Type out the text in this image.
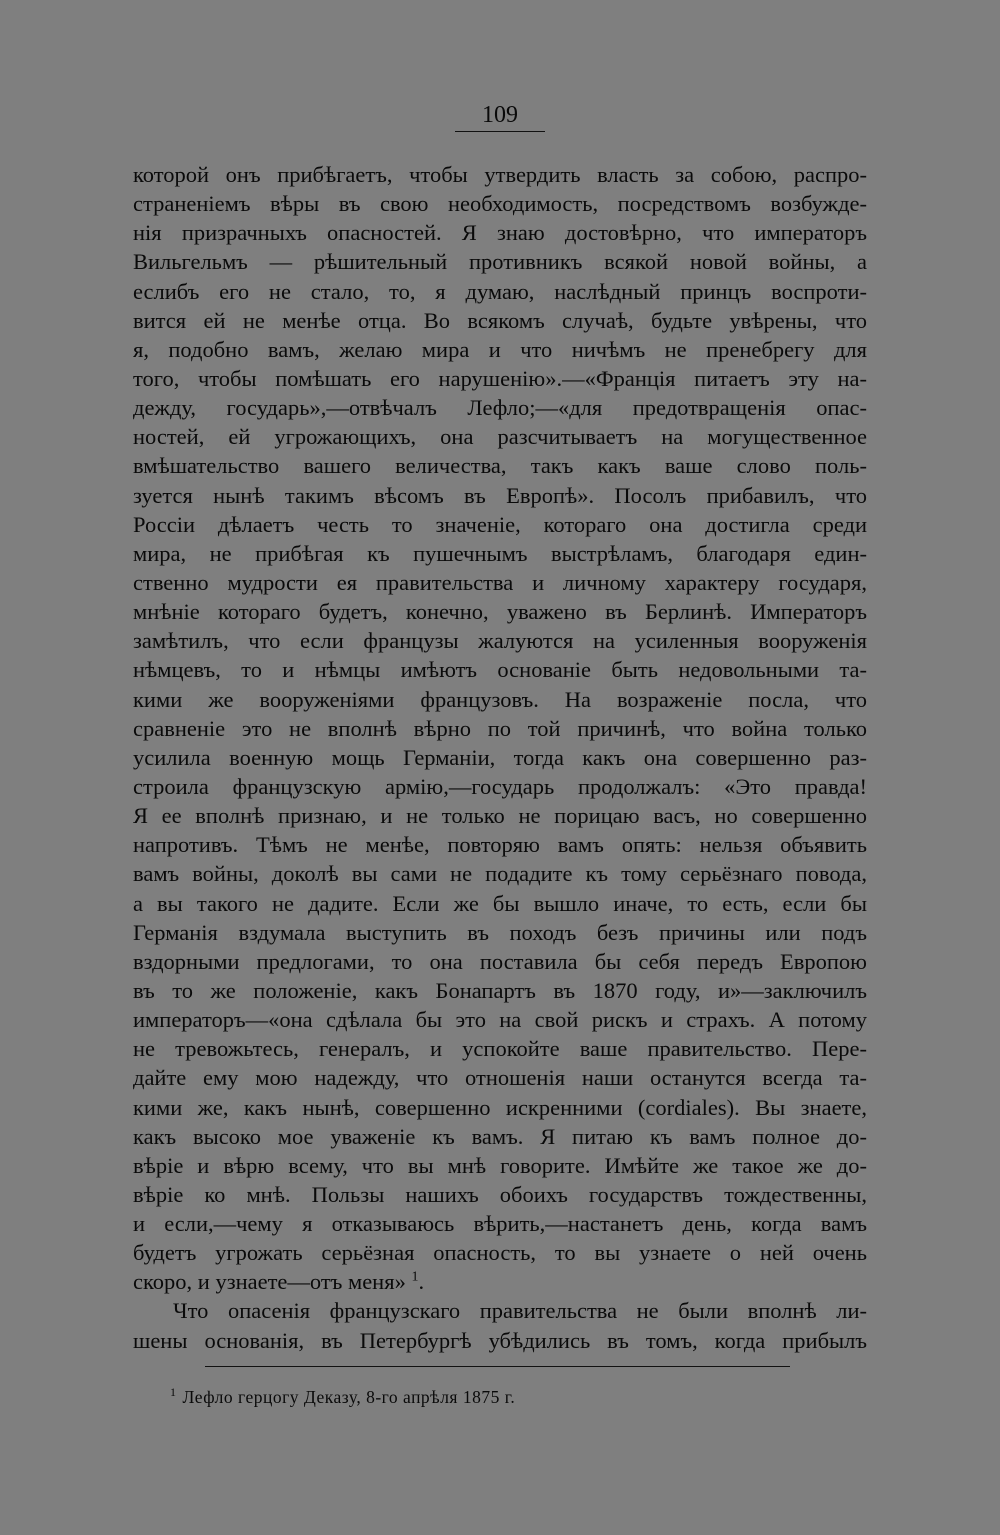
109
которой онъ прибѣгаетъ, чтобы утвердить власть за собою, распро-
страненіемъ вѣры въ свою необходимость, посредствомъ возбужде-
нія призрачныхъ опасностей. Я знаю достовѣрно, что императоръ
Вильгельмъ — рѣшительный противникъ всякой новой войны, а
еслибъ его не стало, то, я думаю, наслѣдный принцъ воспроти-
вится ей не менѣе отца. Во всякомъ случаѣ, будьте увѣрены, что
я, подобно вамъ, желаю мира и что ничѣмъ не пренебрегу для
того, чтобы помѣшать его нарушенію».—«Франція питаетъ эту на-
дежду, государь»,—отвѣчалъ Лефло;—«для предотвращенія опас-
ностей, ей угрожающихъ, она разсчитываетъ на могущественное
вмѣшательство вашего величества, такъ какъ ваше слово поль-
зуется нынѣ такимъ вѣсомъ въ Европѣ». Посолъ прибавилъ, что
Россіи дѣлаетъ честь то значеніе, котораго она достигла среди
мира, не прибѣгая къ пушечнымъ выстрѣламъ, благодаря един-
ственно мудрости ея правительства и личному характеру государя,
мнѣніе котораго будетъ, конечно, уважено въ Берлинѣ. Императоръ
замѣтилъ, что если французы жалуются на усиленныя вооруженія
нѣмцевъ, то и нѣмцы имѣютъ основаніе быть недовольными та-
кими же вооруженіями французовъ. На возраженіе посла, что
сравненіе это не вполнѣ вѣрно по той причинѣ, что война только
усилила военную мощь Германіи, тогда какъ она совершенно раз-
строила французскую армію,—государь продолжалъ: «Это правда!
Я ее вполнѣ признаю, и не только не порицаю васъ, но совершенно
напротивъ. Тѣмъ не менѣе, повторяю вамъ опять: нельзя объявить
вамъ войны, доколѣ вы сами не подадите къ тому серьёзнаго повода,
а вы такого не дадите. Если же бы вышло иначе, то есть, если бы
Германія вздумала выступить въ походъ безъ причины или подъ
вздорными предлогами, то она поставила бы себя передъ Европою
въ то же положеніе, какъ Бонапартъ въ 1870 году, и»—заключилъ
императоръ—«она сдѣлала бы это на свой рискъ и страхъ. А потому
не тревожьтесь, генералъ, и успокойте ваше правительство. Пере-
дайте ему мою надежду, что отношенія наши останутся всегда та-
кими же, какъ нынѣ, совершенно искренними (cordiales). Вы знаете,
какъ высоко мое уваженіе къ вамъ. Я питаю къ вамъ полное до-
вѣріе и вѣрю всему, что вы мнѣ говорите. Имѣйте же такое же до-
вѣріе ко мнѣ. Пользы нашихъ обоихъ государствъ тождественны,
и если,—чему я отказываюсь вѣрить,—настанетъ день, когда вамъ
будетъ угрожать серьёзная опасность, то вы узнаете о ней очень
скоро, и узнаете—отъ меня» $^1$.
Что опасенія французскаго правительства не были вполнѣ ли-
шены основанія, въ Петербургѣ убѣдились въ томъ, когда прибылъ
$^1$ Лефло герцогу Деказу, 8-го апрѣля 1875 г.
